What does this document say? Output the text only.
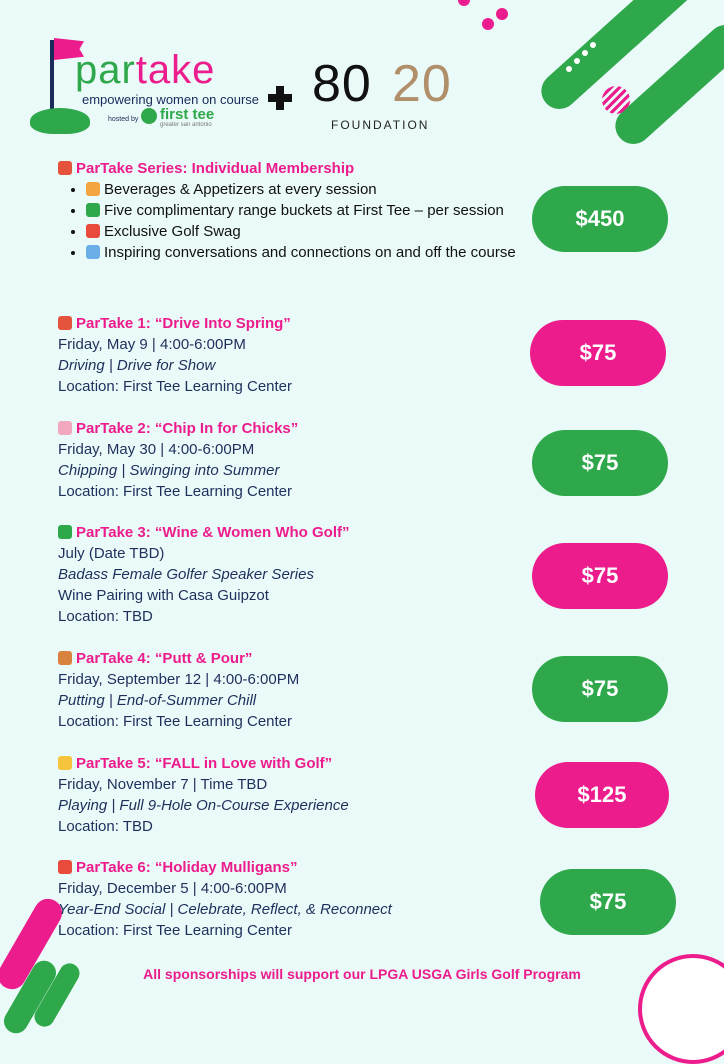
partake
empowering women on course
hosted by first tee
greater san antonio
80 20
FOUNDATION
ParTake Series: Individual Membership
• Beverages & Appetizers at every session
• Five complimentary range buckets at First Tee – per session
• Exclusive Golf Swag
• Inspiring conversations and connections on and off the course
$450
ParTake 1: “Drive Into Spring”
Friday, May 9 | 4:00-6:00PM
Driving | Drive for Show
Location: First Tee Learning Center
$75
ParTake 2: “Chip In for Chicks”
Friday, May 30 | 4:00-6:00PM
Chipping | Swinging into Summer
Location: First Tee Learning Center
$75
ParTake 3: “Wine & Women Who Golf”
July (Date TBD)
Badass Female Golfer Speaker Series
Wine Pairing with Casa Guipzot
Location: TBD
$75
ParTake 4: “Putt & Pour”
Friday, September 12 | 4:00-6:00PM
Putting | End-of-Summer Chill
Location: First Tee Learning Center
$75
ParTake 5: “FALL in Love with Golf”
Friday, November 7 | Time TBD
Playing | Full 9-Hole On-Course Experience
Location: TBD
$125
ParTake 6: “Holiday Mulligans”
Friday, December 5 | 4:00-6:00PM
Year-End Social | Celebrate, Reflect, & Reconnect
Location: First Tee Learning Center
$75
All sponsorships will support our LPGA USGA Girls Golf Program
